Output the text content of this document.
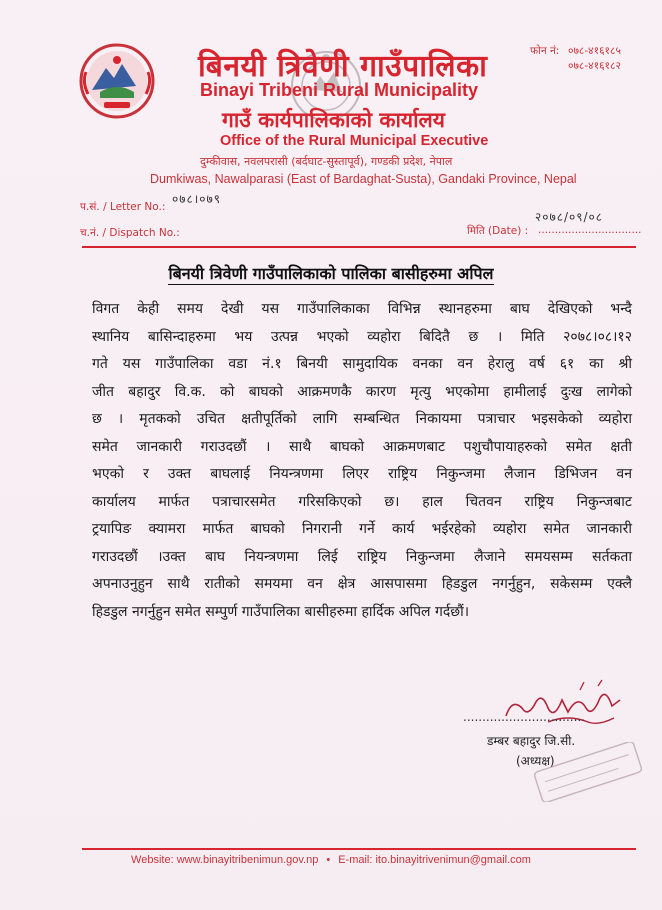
फोन नं: ०७८-४१६१८५
०७८-४१६१८२
बिनयी त्रिवेणी गाउँपालिका
Binayi Tribeni Rural Municipality
गाउँ कार्यपालिकाको कार्यालय
Office of the Rural Municipal Executive
दुम्कीवास, नवलपरासी (बर्दघाट-सुस्तापूर्व), गण्डकी प्रदेश, नेपाल
Dumkiwas, Nawalparasi (East of Bardaghat-Susta), Gandaki Province, Nepal
प.सं. / Letter No.:
०७८।०७९
२०७८/०९/०८
च.नं. / Dispatch No.:	मिति (Date) : ...............................
बिनयी त्रिवेणी गाउँपालिकाको पालिका बासीहरुमा अपिल
विगत केही समय देखी यस गाउँपालिकाका विभिन्न स्थानहरुमा बाघ देखिएको भन्दै
स्थानिय बासिन्दाहरुमा भय उत्पन्न भएको व्यहोरा बिदितै छ । मिति २०७८।०८।१२
गते यस गाउँपालिका वडा नं.१ बिनयी सामुदायिक वनका वन हेरालु वर्ष ६१ का श्री
जीत बहादुर वि.क. को बाघको आक्रमणकै कारण मृत्यु भएकोमा हामीलाई दुःख लागेको
छ । मृतकको उचित क्षतीपूर्तिको लागि सम्बन्धित निकायमा पत्राचार भइसकेको व्यहोरा
समेत जानकारी गराउदछौं । साथै बाघको आक्रमणबाट पशुचौपायाहरुको समेत क्षती
भएको र उक्त बाघलाई नियन्त्रणमा लिएर राष्ट्रिय निकुन्जमा लैजान डिभिजन वन
कार्यालय मार्फत पत्राचारसमेत गरिसकिएको छ। हाल चितवन राष्ट्रिय निकुन्जबाट
ट्रयापिङ क्यामरा मार्फत बाघको निगरानी गर्ने कार्य भईरहेको व्यहोरा समेत जानकारी
गराउदछौं ।उक्त बाघ नियन्त्रणमा लिई राष्ट्रिय निकुन्जमा लैजाने समयसम्म सर्तकता
अपनाउनुहुन साथै रातीको समयमा वन क्षेत्र आसपासमा हिडडुल नगर्नुहुन, सकेसम्म एक्लै
हिडडुल नगर्नुहुन समेत सम्पुर्ण गाउँपालिका बासीहरुमा हार्दिक अपिल गर्दछौं।
................................
डम्बर बहादुर जि.सी.
(अध्यक्ष)
Website: www.binayitribenimun.gov.np • E-mail: ito.binayitrivenimun@gmail.com
